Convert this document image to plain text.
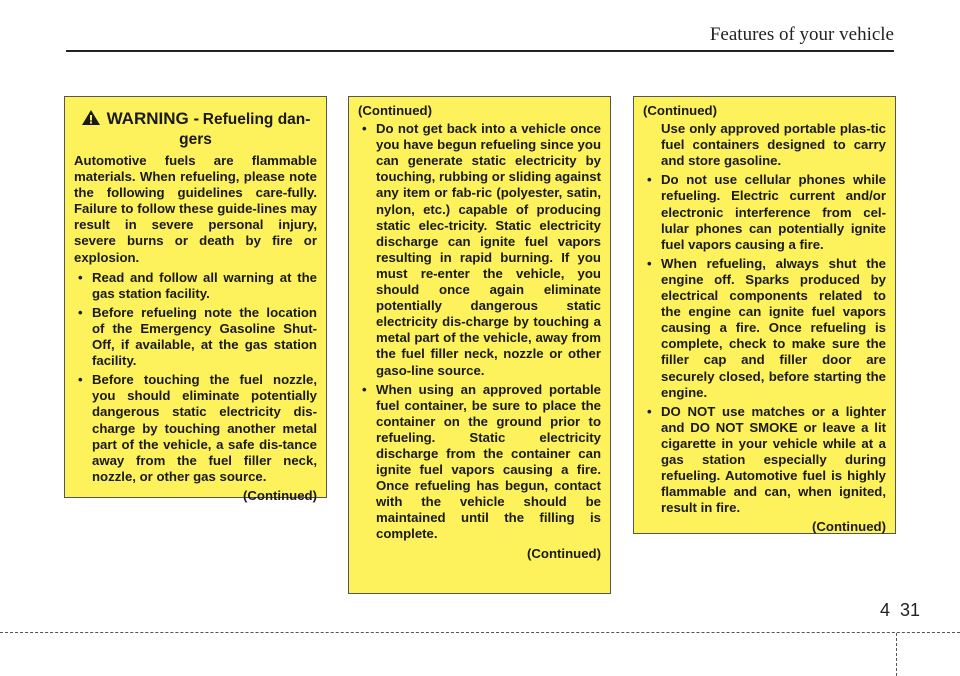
Features of your vehicle
WARNING - Refueling dan-gers

Automotive fuels are flammable materials. When refueling, please note the following guidelines care-fully. Failure to follow these guide-lines may result in severe personal injury, severe burns or death by fire or explosion.

• Read and follow all warning at the gas station facility.
• Before refueling note the location of the Emergency Gasoline Shut-Off, if available, at the gas station facility.
• Before touching the fuel nozzle, you should eliminate potentially dangerous static electricity dis-charge by touching another metal part of the vehicle, a safe dis-tance away from the fuel filler neck, nozzle, or other gas source.
(Continued)
(Continued)
• Do not get back into a vehicle once you have begun refueling since you can generate static electricity by touching, rubbing or sliding against any item or fab-ric (polyester, satin, nylon, etc.) capable of producing static elec-tricity. Static electricity discharge can ignite fuel vapors resulting in rapid burning. If you must re-enter the vehicle, you should once again eliminate potentially dangerous static electricity dis-charge by touching a metal part of the vehicle, away from the fuel filler neck, nozzle or other gaso-line source.
• When using an approved portable fuel container, be sure to place the container on the ground prior to refueling. Static electricity discharge from the container can ignite fuel vapors causing a fire. Once refueling has begun, contact with the vehicle should be maintained until the filling is complete.
(Continued)
(Continued)
Use only approved portable plas-tic fuel containers designed to carry and store gasoline.
• Do not use cellular phones while refueling. Electric current and/or electronic interference from cel-lular phones can potentially ignite fuel vapors causing a fire.
• When refueling, always shut the engine off. Sparks produced by electrical components related to the engine can ignite fuel vapors causing a fire. Once refueling is complete, check to make sure the filler cap and filler door are securely closed, before starting the engine.
• DO NOT use matches or a lighter and DO NOT SMOKE or leave a lit cigarette in your vehicle while at a gas station especially during refueling. Automotive fuel is highly flammable and can, when ignited, result in fire.
(Continued)
4 31
